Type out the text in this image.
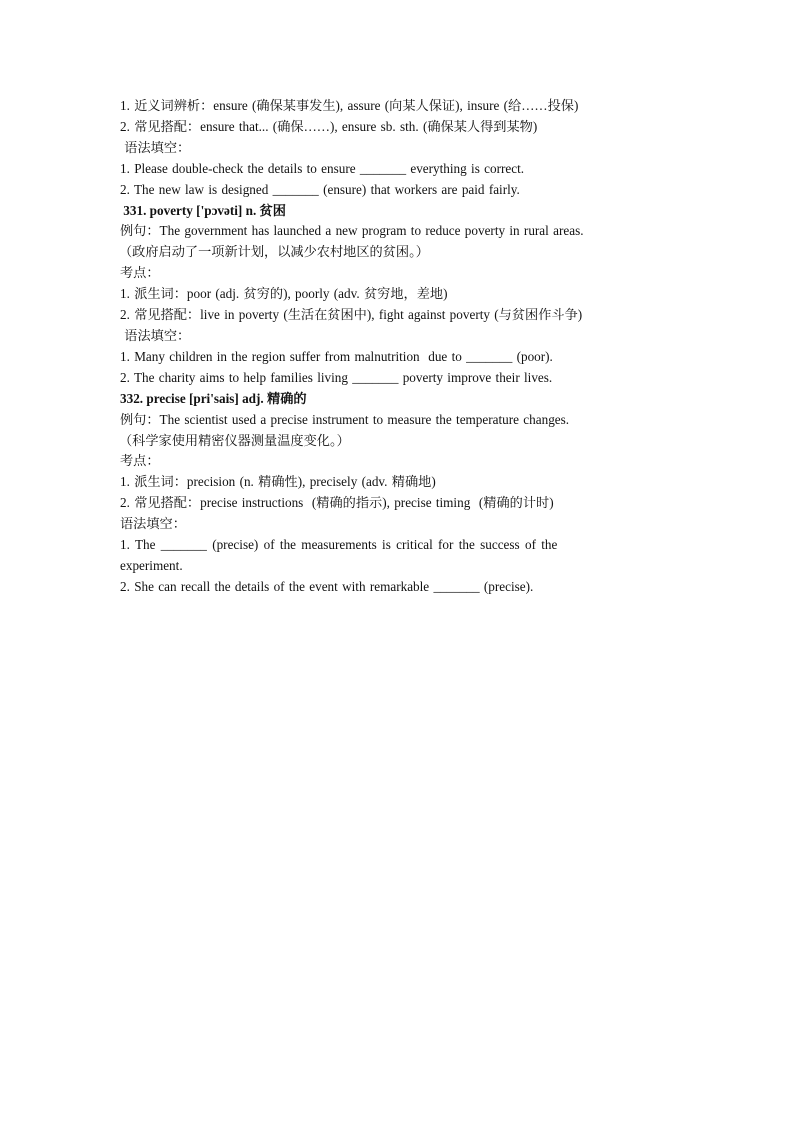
1. 近义词辨析：ensure (确保某事发生), assure (向某人保证), insure (给……投保)
2. 常见搭配：ensure that... (确保……), ensure sb. sth. (确保某人得到某物)
语法填空：
1. Please double-check the details to ensure _______ everything is correct.
2. The new law is designed _______ (ensure) that workers are paid fairly.
331. poverty ['pɔvəti] n. 贫困
例句：The government has launched a new program to reduce poverty in rural areas.
（政府启动了一项新计划，以减少农村地区的贫困。）
考点：
1. 派生词：poor (adj. 贫穷的), poorly (adv. 贫穷地，差地)
2. 常见搭配：live in poverty (生活在贫困中), fight against poverty (与贫困作斗争)
语法填空：
1. Many children in the region suffer from malnutrition  due to _______ (poor).
2. The charity aims to help families living _______ poverty improve their lives.
332. precise [pri'sais] adj. 精确的
例句：The scientist used a precise instrument to measure the temperature changes.
（科学家使用精密仪器测量温度变化。）
考点：
1. 派生词：precision (n. 精确性), precisely (adv. 精确地)
2. 常见搭配：precise instructions  (精确的指示), precise timing  (精确的计时)
语法填空：
1. The _______ (precise) of the measurements is critical for the success of the experiment.
2. She can recall the details of the event with remarkable _______ (precise).
